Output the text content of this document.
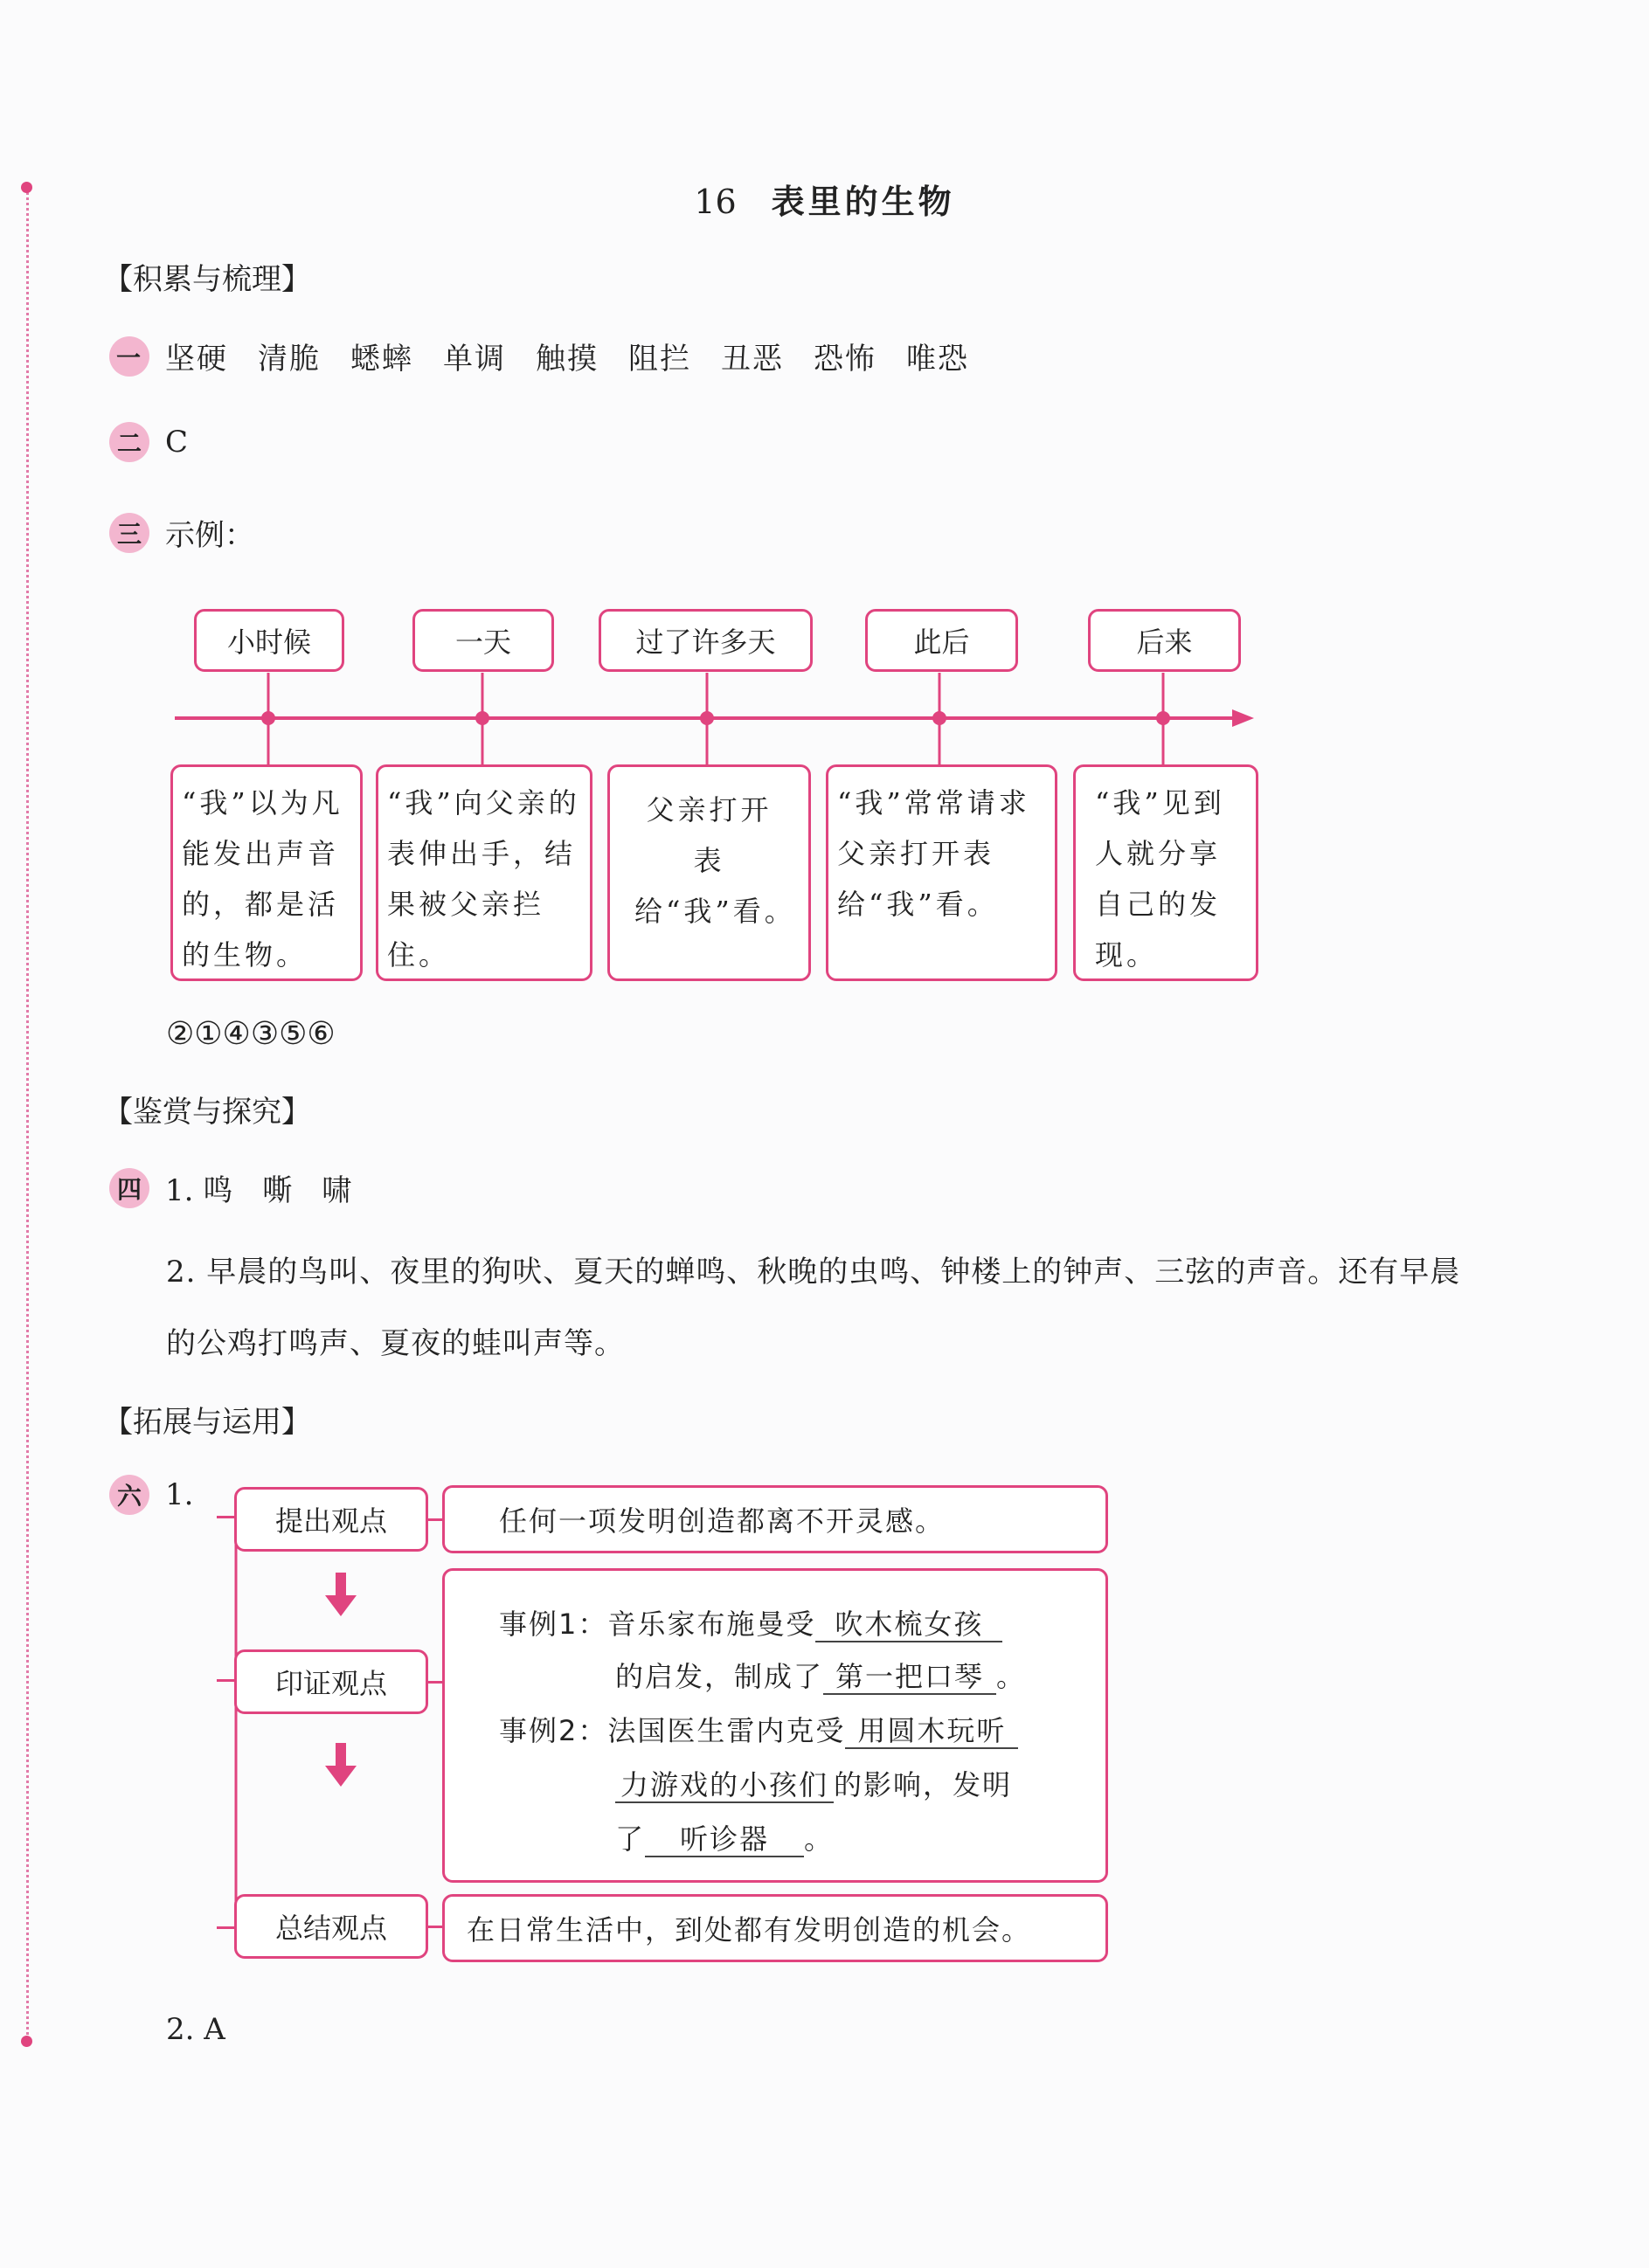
16 表里的生物
【积累与梳理】
一 坚硬 清脆 蟋蟀 单调 触摸 阻拦 丑恶 恐怖 唯恐
二 C
三 示例：
小时候	一天	过了许多天	此后	后来
“我”以为凡能发出声音的，都是活的生物。
“我”向父亲的表伸出手，结果被父亲拦住。
父亲打开表给“我”看。
“我”常常请求父亲打开表给“我”看。
“我”见到人就分享自己的发现。
②①④③⑤⑥
【鉴赏与探究】
四 1. 鸣　嘶　啸
2. 早晨的鸟叫、夜里的狗吠、夏天的蝉鸣、秋晚的虫鸣、钟楼上的钟声、三弦的声音。还有早晨
的公鸡打鸣声、夏夜的蛙叫声等。
【拓展与运用】
六 1.
提出观点
印证观点
总结观点
任何一项发明创造都离不开灵感。
事例1：音乐家布施曼受 吹木梳女孩
的启发，制成了 第一把口琴 。
事例2：法国医生雷内克受 用圆木玩听
力游戏的小孩们 的影响，发明
了 听诊器 。
在日常生活中，到处都有发明创造的机会。
2. A
